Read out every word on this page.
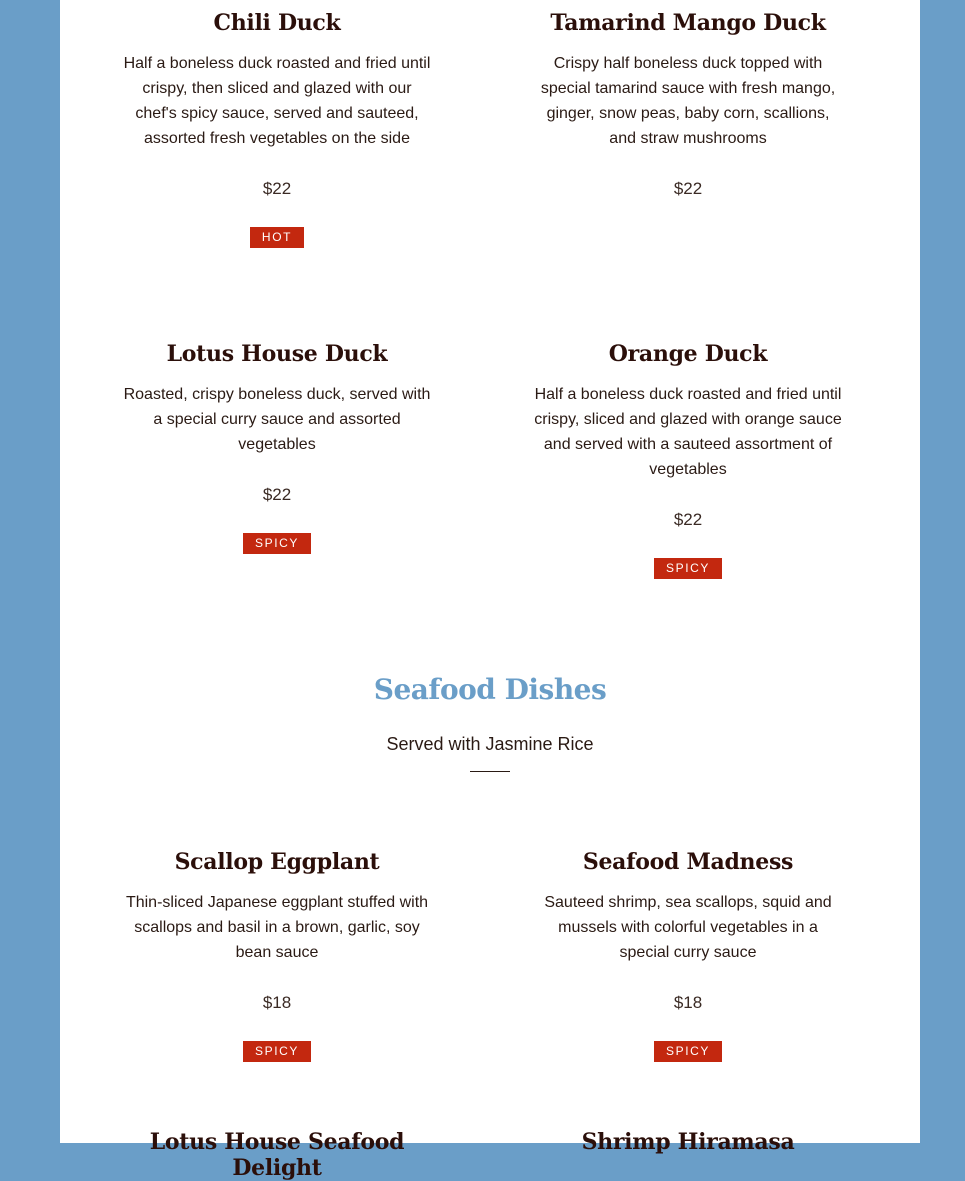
Chili Duck

Half a boneless duck roasted and fried until crispy, then sliced and glazed with our chef's spicy sauce, served and sauteed, assorted fresh vegetables on the side

$22
HOT
Tamarind Mango Duck

Crispy half boneless duck topped with special tamarind sauce with fresh mango, ginger, snow peas, baby corn, scallions, and straw mushrooms

$22
Lotus House Duck

Roasted, crispy boneless duck, served with a special curry sauce and assorted vegetables

$22
SPICY
Orange Duck

Half a boneless duck roasted and fried until crispy, sliced and glazed with orange sauce and served with a sauteed assortment of vegetables

$22
SPICY
Seafood Dishes
Served with Jasmine Rice
Scallop Eggplant

Thin-sliced Japanese eggplant stuffed with scallops and basil in a brown, garlic, soy bean sauce

$18
SPICY
Seafood Madness

Sauteed shrimp, sea scallops, squid and mussels with colorful vegetables in a special curry sauce

$18
SPICY
Lotus House Seafood Delight
Shrimp Hiramasa
